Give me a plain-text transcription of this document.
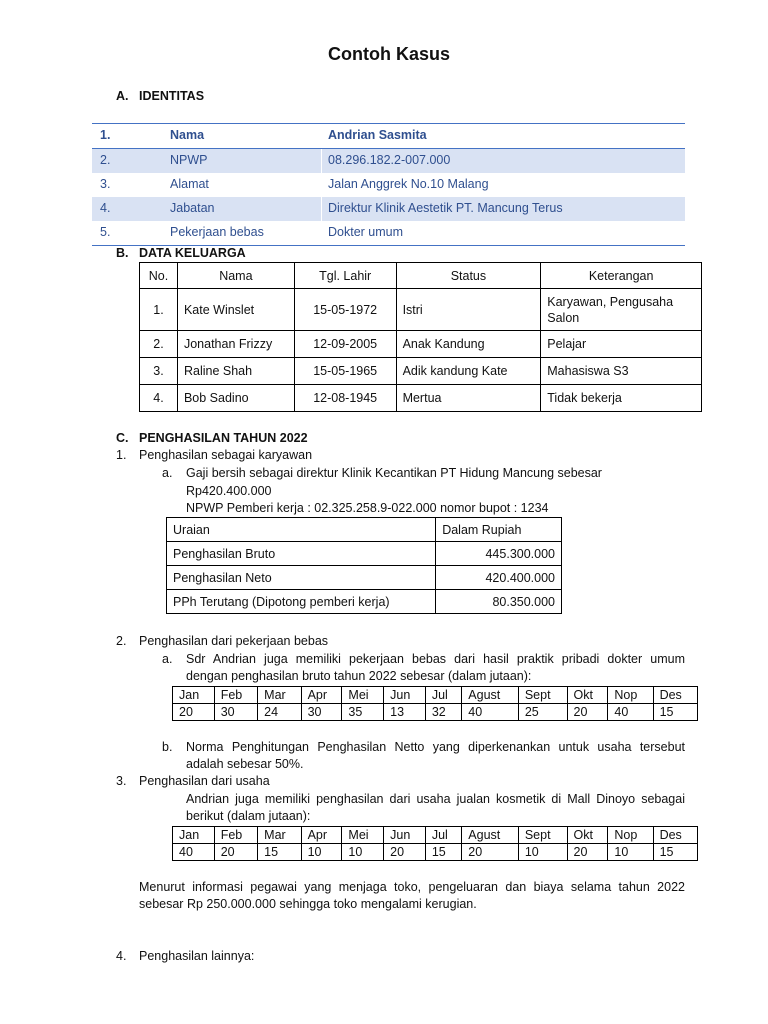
Contoh Kasus
A. IDENTITAS
1.	Nama	Andrian Sasmita
2.	NPWP	08.296.182.2-007.000
3.	Alamat	Jalan Anggrek No.10 Malang
4.	Jabatan	Direktur Klinik Aestetik PT. Mancung Terus
5.	Pekerjaan bebas	Dokter umum
B. DATA KELUARGA
No.	Nama	Tgl. Lahir	Status	Keterangan
1.	Kate Winslet	15-05-1972	Istri	Karyawan, Pengusaha Salon
2.	Jonathan Frizzy	12-09-2005	Anak Kandung	Pelajar
3.	Raline Shah	15-05-1965	Adik kandung Kate	Mahasiswa S3
4.	Bob Sadino	12-08-1945	Mertua	Tidak bekerja
C. PENGHASILAN TAHUN 2022
1. Penghasilan sebagai karyawan
a. Gaji bersih sebagai direktur Klinik Kecantikan PT Hidung Mancung sebesar
Rp420.400.000
NPWP Pemberi kerja : 02.325.258.9-022.000 nomor bupot : 1234
Uraian	Dalam Rupiah
Penghasilan Bruto	445.300.000
Penghasilan Neto	420.400.000
PPh Terutang (Dipotong pemberi kerja)	80.350.000
2. Penghasilan dari pekerjaan bebas
a. Sdr Andrian juga memiliki pekerjaan bebas dari hasil praktik pribadi dokter umum
dengan penghasilan bruto tahun 2022 sebesar (dalam jutaan):
Jan	Feb	Mar	Apr	Mei	Jun	Jul	Agust	Sept	Okt	Nop	Des
20	30	24	30	35	13	32	40	25	20	40	15
b. Norma Penghitungan Penghasilan Netto yang diperkenankan untuk usaha tersebut
adalah sebesar 50%.
3. Penghasilan dari usaha
Andrian juga memiliki penghasilan dari usaha jualan kosmetik di Mall Dinoyo sebagai
berikut (dalam jutaan):
Jan	Feb	Mar	Apr	Mei	Jun	Jul	Agust	Sept	Okt	Nop	Des
40	20	15	10	10	20	15	20	10	20	10	15
Menurut informasi pegawai yang menjaga toko, pengeluaran dan biaya selama tahun 2022
sebesar Rp 250.000.000 sehingga toko mengalami kerugian.
4. Penghasilan lainnya:
